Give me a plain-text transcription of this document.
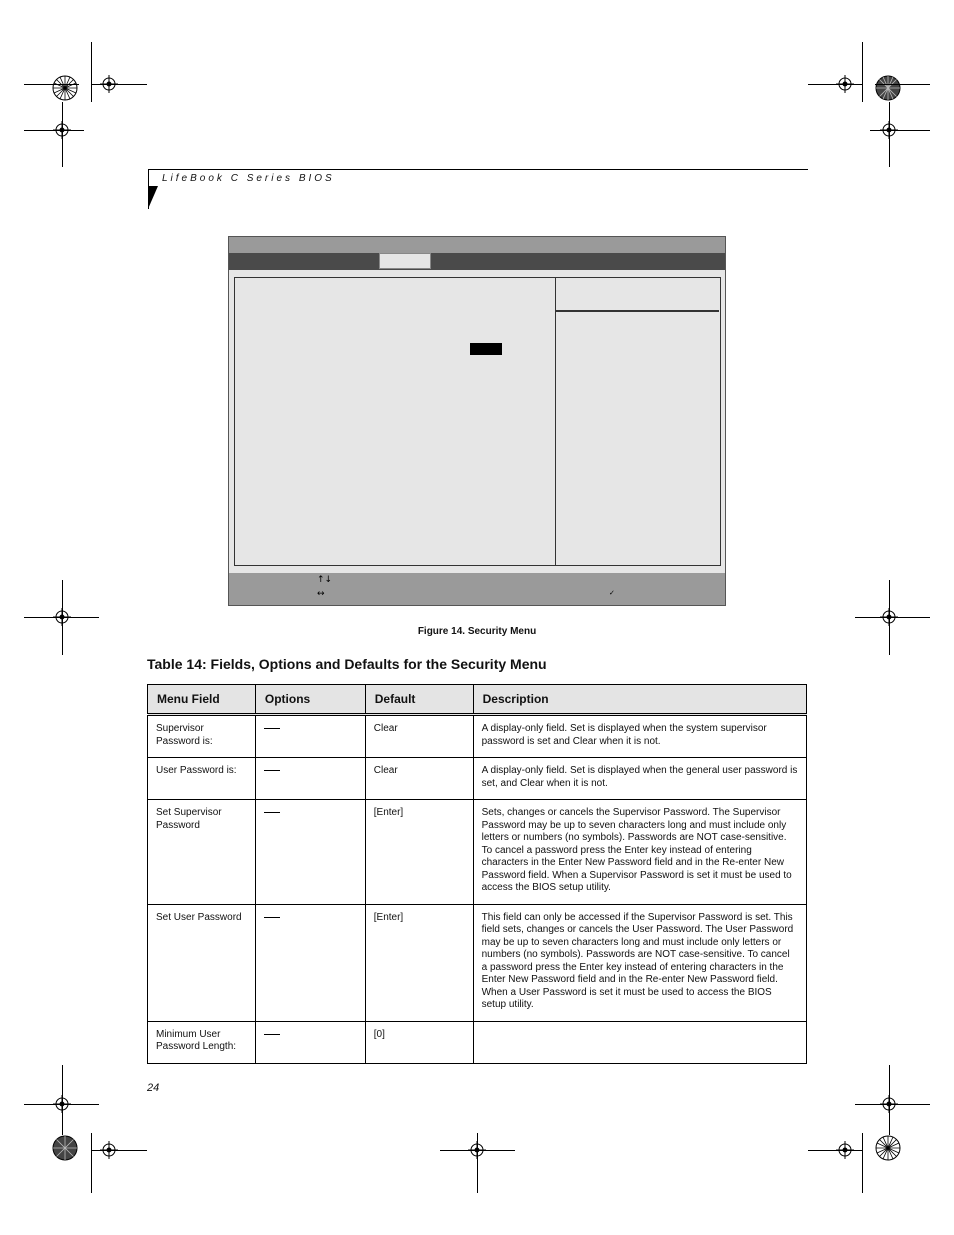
LifeBook C Series BIOS
↑↓
↔	✓
Figure 14. Security Menu
Table 14: Fields, Options and Defaults for the Security Menu
Menu Field	Options	Default	Description
Supervisor Password is:		Clear	A display-only field. Set is displayed when the system supervisor password is set and Clear when it is not.
User Password is:		Clear	A display-only field. Set is displayed when the general user password is set, and Clear when it is not.
Set Supervisor Password		[Enter]	Sets, changes or cancels the Supervisor Password. The Supervisor Password may be up to seven characters long and must include only letters or numbers (no symbols). Passwords are NOT case-sensitive. To cancel a password press the Enter key instead of entering characters in the Enter New Password field and in the Re-enter New Password field. When a Supervisor Password is set it must be used to access the BIOS setup utility.
Set User Password		[Enter]	This field can only be accessed if the Supervisor Password is set. This field sets, changes or cancels the User Password. The User Password may be up to seven characters long and must include only letters or numbers (no symbols). Passwords are NOT case-sensitive. To cancel a password press the Enter key instead of entering characters in the Enter New Password field and in the Re-enter New Password field. When a User Password is set it must be used to access the BIOS setup utility.
Minimum User Password Length:		[0]	
24
